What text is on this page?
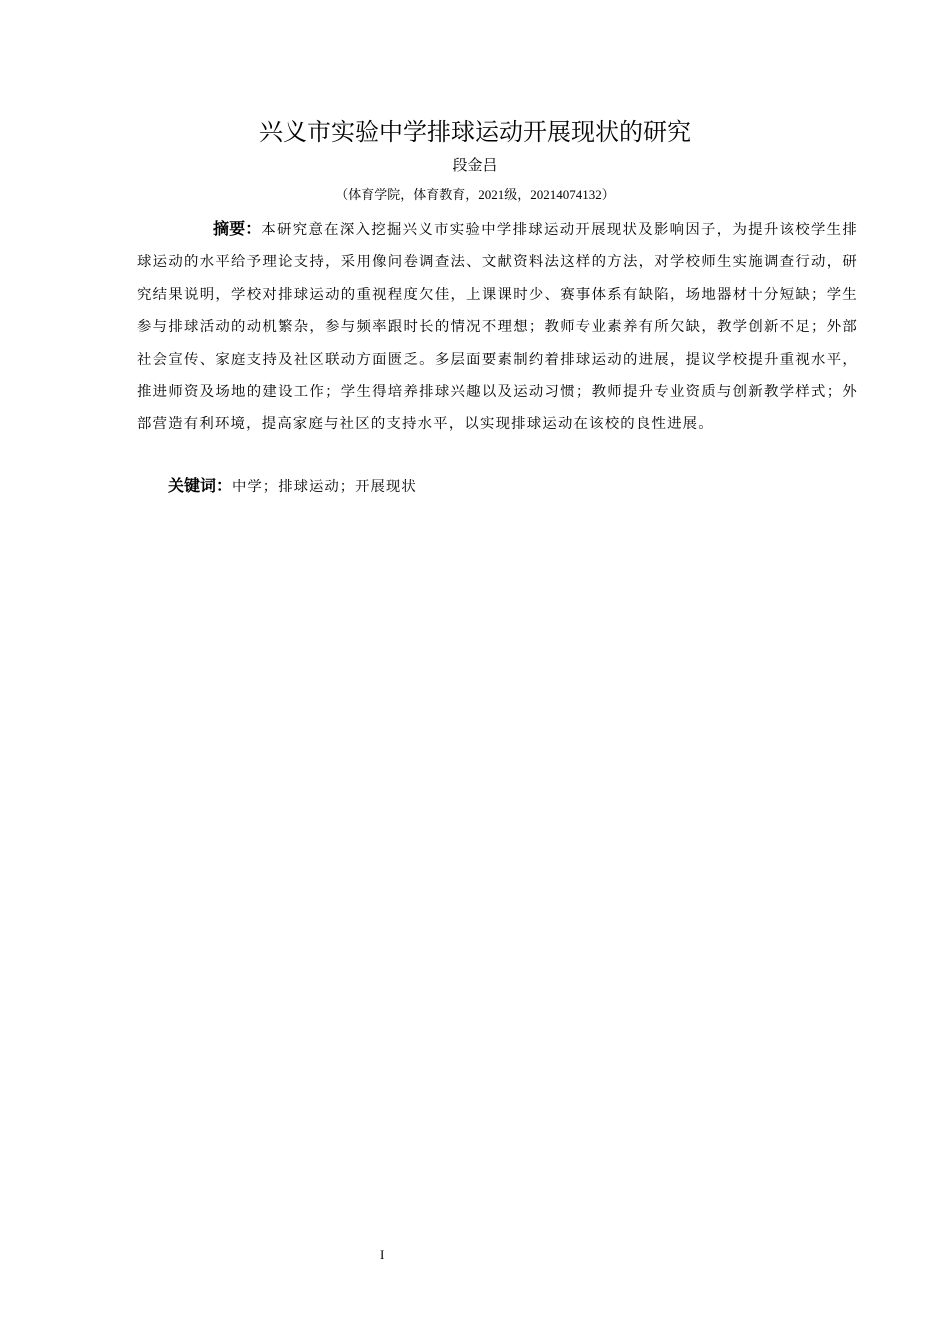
兴义市实验中学排球运动开展现状的研究
段金吕
（体育学院，体育教育，2021级，20214074132）
摘要：本研究意在深入挖掘兴义市实验中学排球运动开展现状及影响因子，为提升该校学生排球运动的水平给予理论支持，采用像问卷调查法、文献资料法这样的方法，对学校师生实施调查行动，研究结果说明，学校对排球运动的重视程度欠佳，上课课时少、赛事体系有缺陷，场地器材十分短缺；学生参与排球活动的动机繁杂，参与频率跟时长的情况不理想；教师专业素养有所欠缺，教学创新不足；外部社会宣传、家庭支持及社区联动方面匮乏。多层面要素制约着排球运动的进展，提议学校提升重视水平，推进师资及场地的建设工作；学生得培养排球兴趣以及运动习惯；教师提升专业资质与创新教学样式；外部营造有利环境，提高家庭与社区的支持水平，以实现排球运动在该校的良性进展。
关键词：中学；排球运动；开展现状
I
